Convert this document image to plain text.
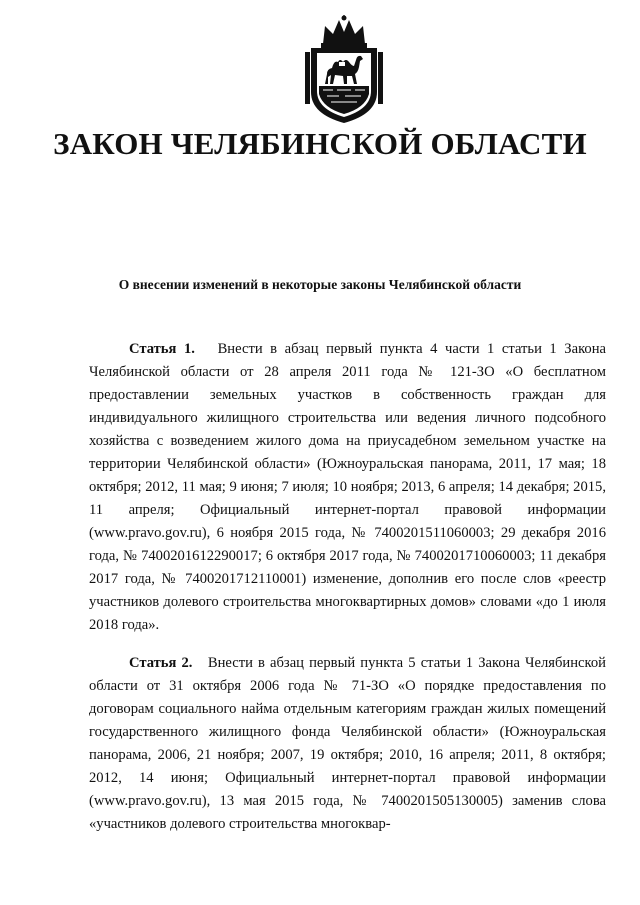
ЗАКОН ЧЕЛЯБИНСКОЙ ОБЛАСТИ
О внесении изменений в некоторые законы Челябинской области

Статья 1. Внести в абзац первый пункта 4 части 1 статьи 1 Закона Челябинской области от 28 апреля 2011 года № 121-ЗО «О бесплатном предоставлении земельных участков в собственность граждан для индивидуального жилищного строительства или ведения личного подсобного хозяйства с возведением жилого дома на приусадебном земельном участке на территории Челябинской области» (Южноуральская панорама, 2011, 17 мая; 18 октября; 2012, 11 мая; 9 июня; 7 июля; 10 ноября; 2013, 6 апреля; 14 декабря; 2015, 11 апреля; Официальный интернет-портал правовой информации (www.pravo.gov.ru), 6 ноября 2015 года, № 7400201511060003; 29 декабря 2016 года, № 7400201612290017; 6 октября 2017 года, № 7400201710060003; 11 декабря 2017 года, № 7400201712110001) изменение, дополнив его после слов «реестр участников долевого строительства многоквартирных домов» словами «до 1 июля 2018 года».

Статья 2. Внести в абзац первый пункта 5 статьи 1 Закона Челябинской области от 31 октября 2006 года № 71-ЗО «О порядке предоставления по договорам социального найма отдельным категориям граждан жилых помещений государственного жилищного фонда Челябинской области» (Южноуральская панорама, 2006, 21 ноября; 2007, 19 октября; 2010, 16 апреля; 2011, 8 октября; 2012, 14 июня; Официальный интернет-портал правовой информации (www.pravo.gov.ru), 13 мая 2015 года, № 7400201505130005) заменив слова «участников долевого строительства многоквар-
